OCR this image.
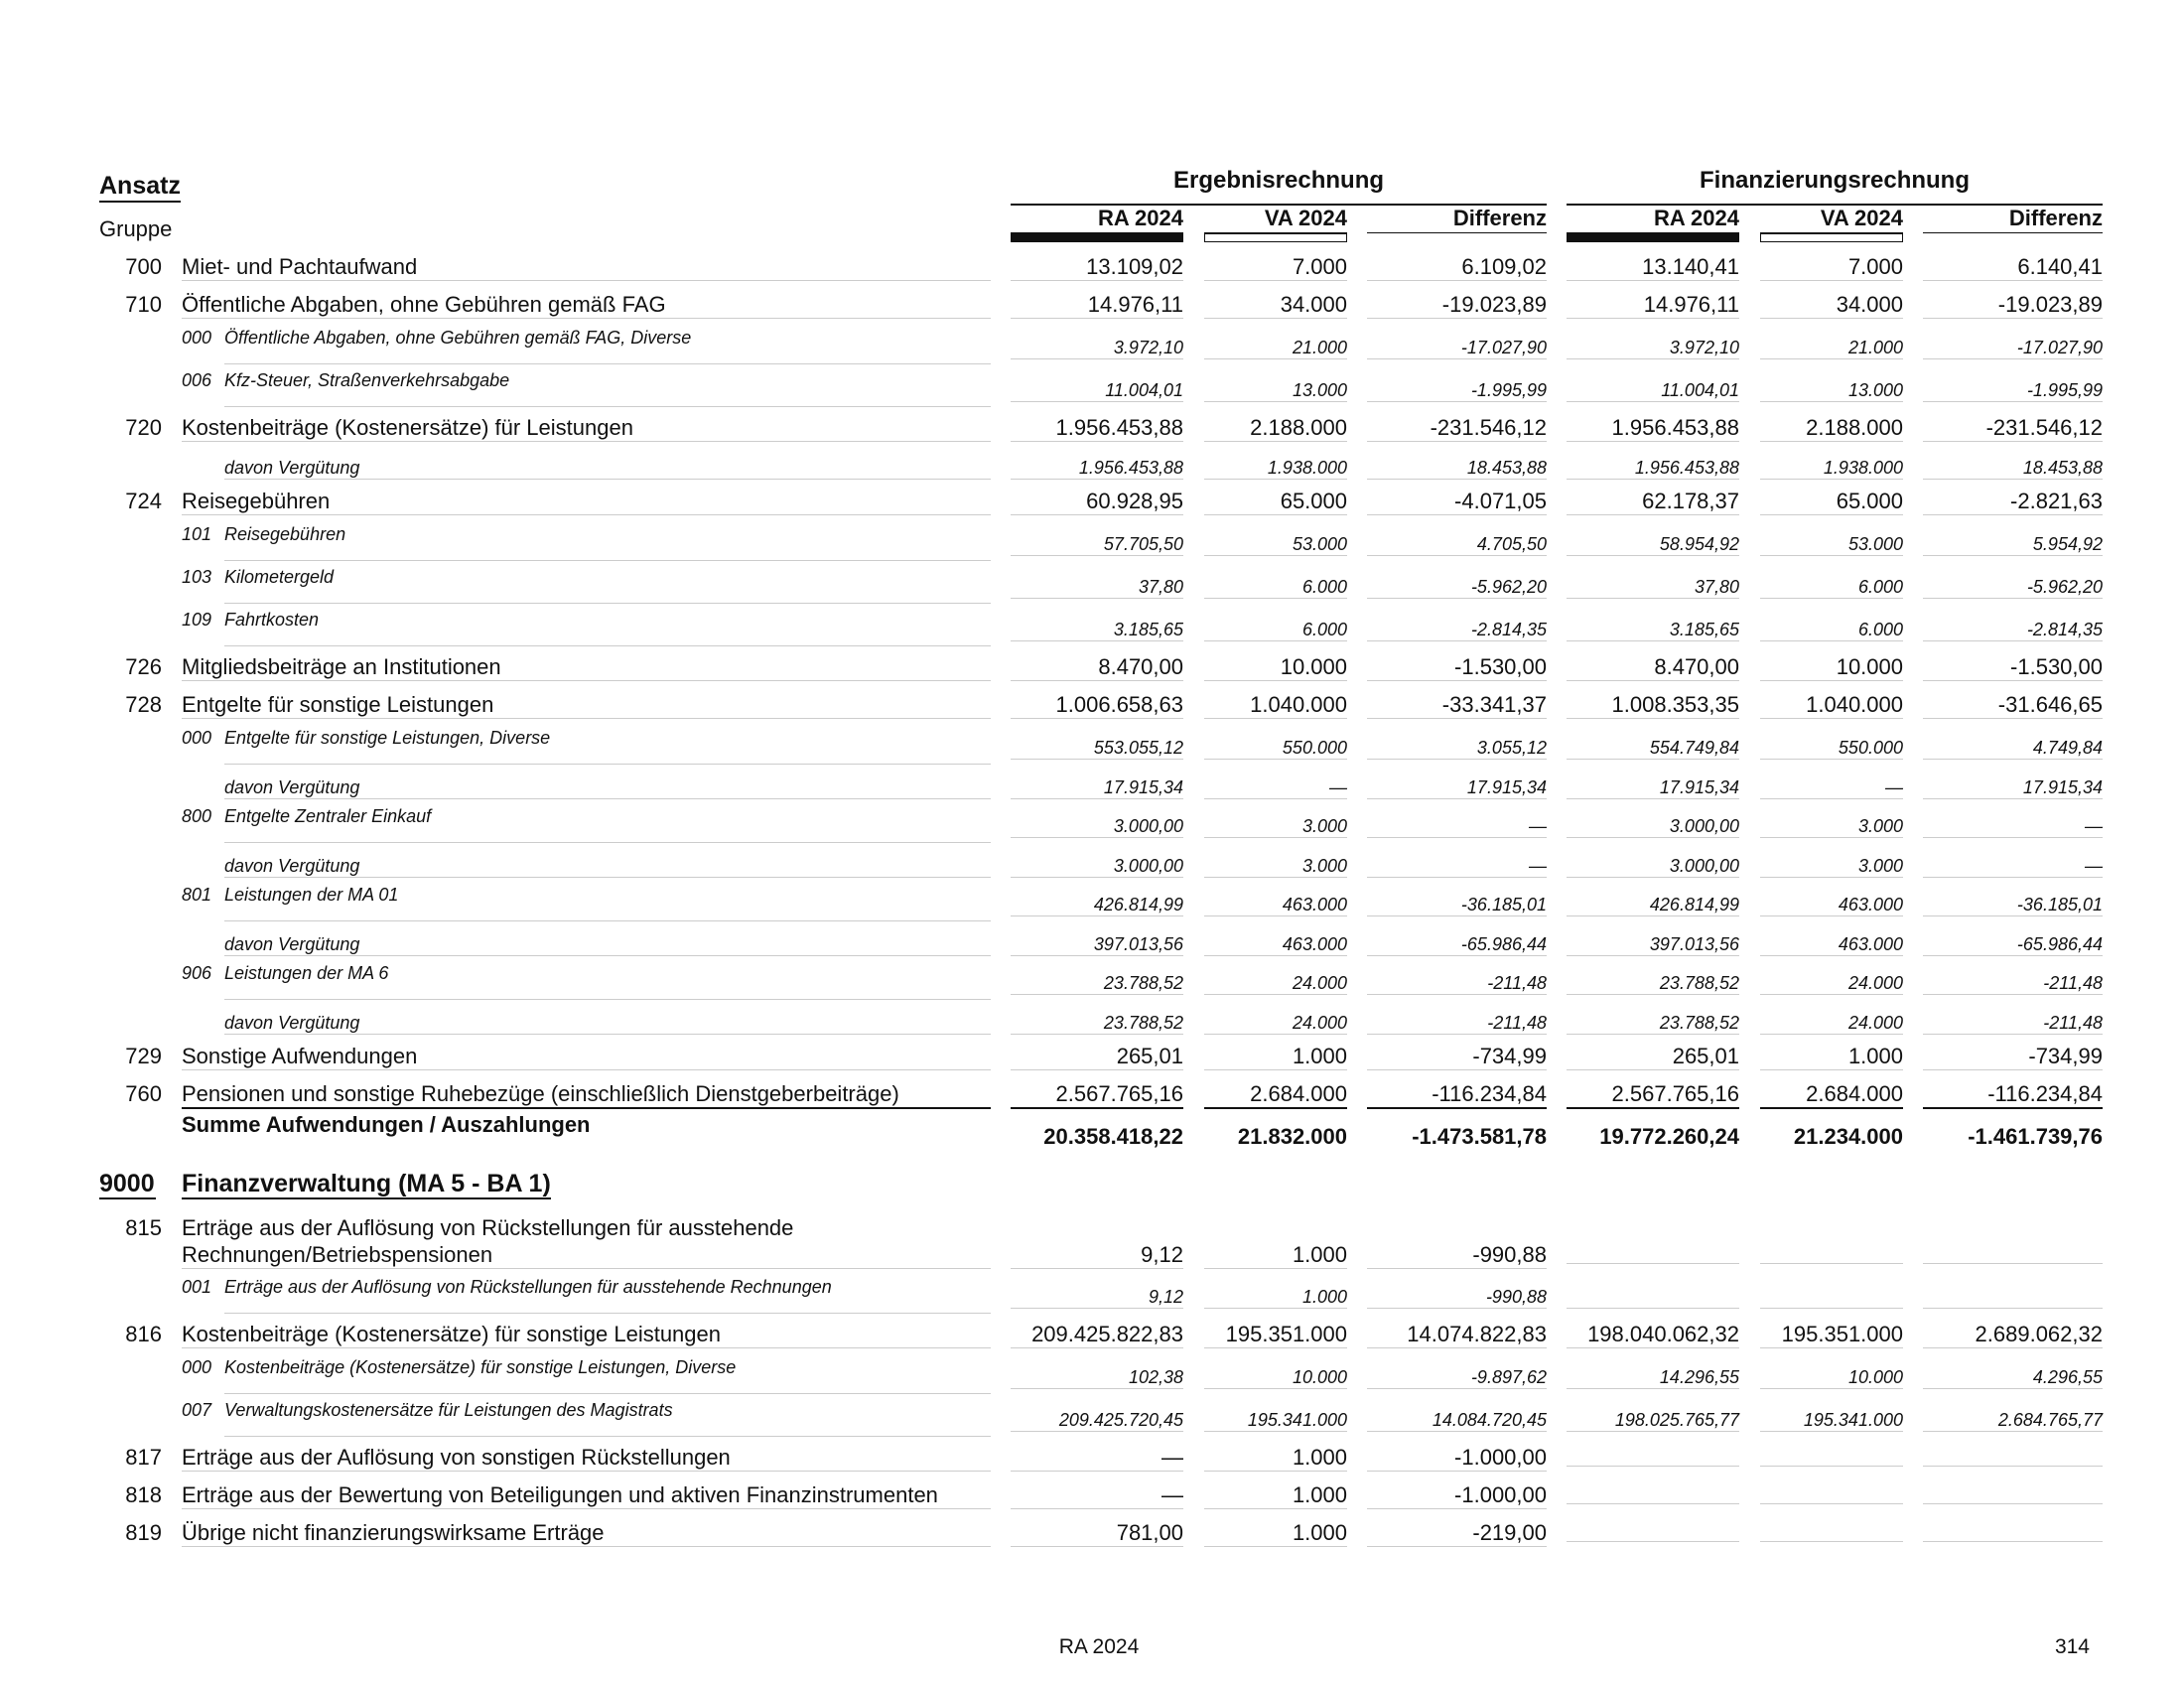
Ansatz
Gruppe
Ergebnisrechnung	Finanzierungsrechnung
RA 2024	VA 2024	Differenz	RA 2024	VA 2024	Differenz
700 Miet- und Pachtaufwand	13.109,02	7.000	6.109,02	13.140,41	7.000	6.140,41
710 Öffentliche Abgaben, ohne Gebühren gemäß FAG	14.976,11	34.000	-19.023,89	14.976,11	34.000	-19.023,89
000 Öffentliche Abgaben, ohne Gebühren gemäß FAG, Diverse	3.972,10	21.000	-17.027,90	3.972,10	21.000	-17.027,90
006 Kfz-Steuer, Straßenverkehrsabgabe	11.004,01	13.000	-1.995,99	11.004,01	13.000	-1.995,99
720 Kostenbeiträge (Kostenersätze) für Leistungen	1.956.453,88	2.188.000	-231.546,12	1.956.453,88	2.188.000	-231.546,12
davon Vergütung	1.956.453,88	1.938.000	18.453,88	1.956.453,88	1.938.000	18.453,88
724 Reisegebühren	60.928,95	65.000	-4.071,05	62.178,37	65.000	-2.821,63
101 Reisegebühren	57.705,50	53.000	4.705,50	58.954,92	53.000	5.954,92
103 Kilometergeld	37,80	6.000	-5.962,20	37,80	6.000	-5.962,20
109 Fahrtkosten	3.185,65	6.000	-2.814,35	3.185,65	6.000	-2.814,35
726 Mitgliedsbeiträge an Institutionen	8.470,00	10.000	-1.530,00	8.470,00	10.000	-1.530,00
728 Entgelte für sonstige Leistungen	1.006.658,63	1.040.000	-33.341,37	1.008.353,35	1.040.000	-31.646,65
000 Entgelte für sonstige Leistungen, Diverse	553.055,12	550.000	3.055,12	554.749,84	550.000	4.749,84
davon Vergütung	17.915,34	—	17.915,34	17.915,34	—	17.915,34
800 Entgelte Zentraler Einkauf	3.000,00	3.000	—	3.000,00	3.000	—
davon Vergütung	3.000,00	3.000	—	3.000,00	3.000	—
801 Leistungen der MA 01	426.814,99	463.000	-36.185,01	426.814,99	463.000	-36.185,01
davon Vergütung	397.013,56	463.000	-65.986,44	397.013,56	463.000	-65.986,44
906 Leistungen der MA 6	23.788,52	24.000	-211,48	23.788,52	24.000	-211,48
davon Vergütung	23.788,52	24.000	-211,48	23.788,52	24.000	-211,48
729 Sonstige Aufwendungen	265,01	1.000	-734,99	265,01	1.000	-734,99
760 Pensionen und sonstige Ruhebezüge (einschließlich Dienstgeberbeiträge)	2.567.765,16	2.684.000	-116.234,84	2.567.765,16	2.684.000	-116.234,84
Summe Aufwendungen / Auszahlungen	20.358.418,22	21.832.000	-1.473.581,78	19.772.260,24	21.234.000	-1.461.739,76
9000 Finanzverwaltung (MA 5 - BA 1)
815 Erträge aus der Auflösung von Rückstellungen für ausstehende Rechnungen/Betriebspensionen	9,12	1.000	-990,88
001 Erträge aus der Auflösung von Rückstellungen für ausstehende Rechnungen	9,12	1.000	-990,88
816 Kostenbeiträge (Kostenersätze) für sonstige Leistungen	209.425.822,83	195.351.000	14.074.822,83	198.040.062,32	195.351.000	2.689.062,32
000 Kostenbeiträge (Kostenersätze) für sonstige Leistungen, Diverse	102,38	10.000	-9.897,62	14.296,55	10.000	4.296,55
007 Verwaltungskostenersätze für Leistungen des Magistrats	209.425.720,45	195.341.000	14.084.720,45	198.025.765,77	195.341.000	2.684.765,77
817 Erträge aus der Auflösung von sonstigen Rückstellungen	—	1.000	-1.000,00
818 Erträge aus der Bewertung von Beteiligungen und aktiven Finanzinstrumenten	—	1.000	-1.000,00
819 Übrige nicht finanzierungswirksame Erträge	781,00	1.000	-219,00
RA 2024	314
